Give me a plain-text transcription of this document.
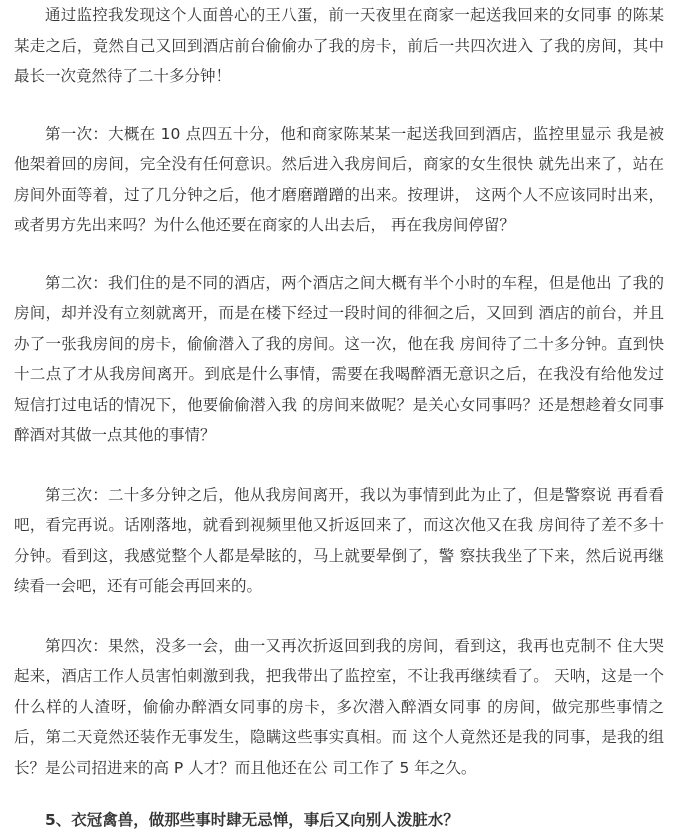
通过监控我发现这个人面兽心的王八蛋，前一天夜里在商家一起送我回来的女同事 的陈某某走之后，竟然自己又回到酒店前台偷偷办了我的房卡，前后一共四次进入 了我的房间，其中最长一次竟然待了二十多分钟！

第一次：大概在 10 点四五十分，他和商家陈某某一起送我回到酒店，监控里显示 我是被他架着回的房间，完全没有任何意识。然后进入我房间后，商家的女生很快 就先出来了，站在房间外面等着，过了几分钟之后，他才磨磨蹭蹭的出来。按理讲， 这两个人不应该同时出来，或者男方先出来吗？为什么他还要在商家的人出去后， 再在我房间停留？

第二次：我们住的是不同的酒店，两个酒店之间大概有半个小时的车程，但是他出 了我的房间，却并没有立刻就离开，而是在楼下经过一段时间的徘徊之后，又回到 酒店的前台，并且办了一张我房间的房卡，偷偷潜入了我的房间。这一次，他在我 房间待了二十多分钟。直到快十二点了才从我房间离开。到底是什么事情，需要在我喝醉酒无意识之后，在我没有给他发过短信打过电话的情况下，他要偷偷潜入我 的房间来做呢？是关心女同事吗？还是想趁着女同事醉酒对其做一点其他的事情？

第三次：二十多分钟之后，他从我房间离开，我以为事情到此为止了，但是警察说 再看看吧，看完再说。话刚落地，就看到视频里他又折返回来了，而这次他又在我 房间待了差不多十分钟。看到这，我感觉整个人都是晕眩的，马上就要晕倒了，警 察扶我坐了下来，然后说再继续看一会吧，还有可能会再回来的。

第四次：果然，没多一会，曲一又再次折返回到我的房间，看到这，我再也克制不 住大哭起来，酒店工作人员害怕刺激到我，把我带出了监控室，不让我再继续看了。 天呐，这是一个什么样的人渣呀，偷偷办醉酒女同事的房卡，多次潜入醉酒女同事 的房间，做完那些事情之后，第二天竟然还装作无事发生，隐瞒这些事实真相。而 这个人竟然还是我的同事，是我的组长？是公司招进来的高 P 人才？而且他还在公 司工作了 5 年之久。

5、衣冠禽兽，做那些事时肆无忌惮，事后又向别人泼脏水？
